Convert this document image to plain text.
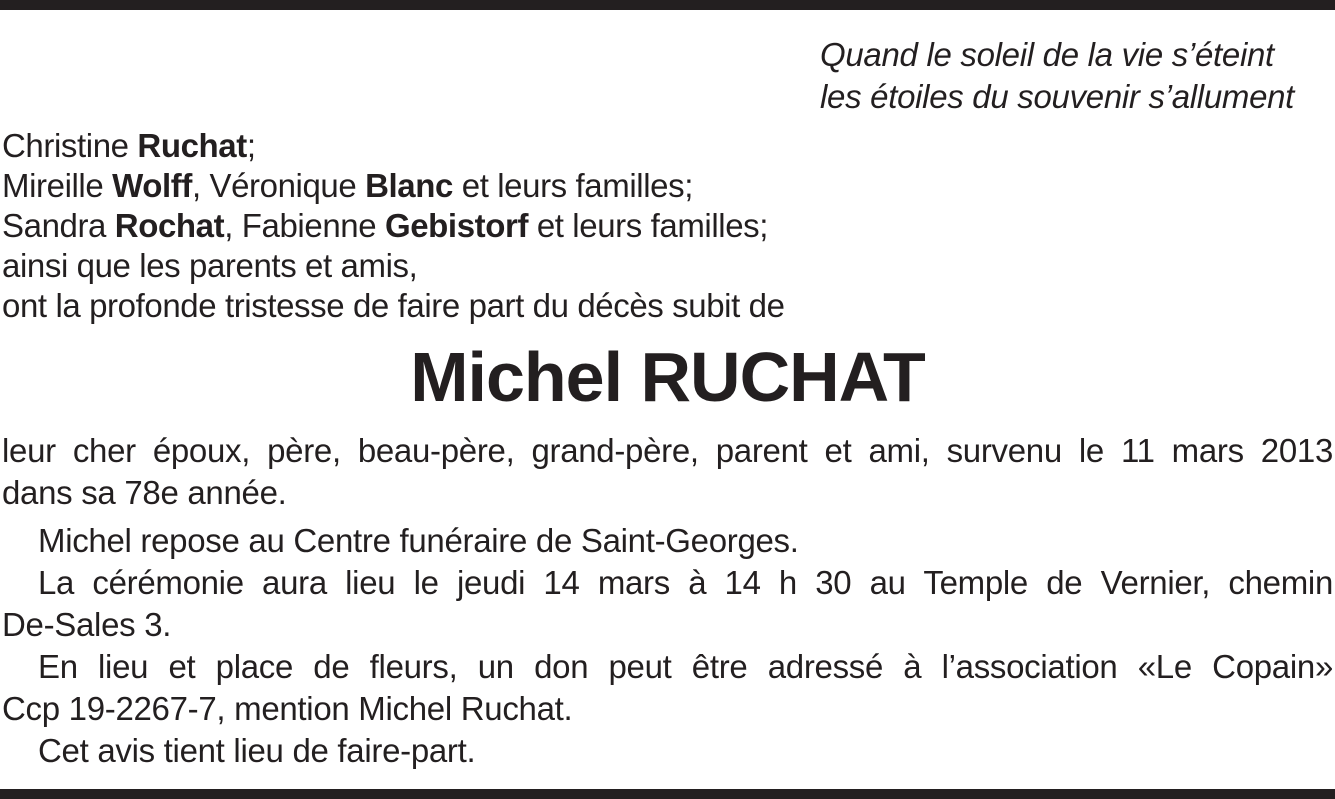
Quand le soleil de la vie s’éteint
les étoiles du souvenir s’allument
Christine Ruchat;
Mireille Wolff, Véronique Blanc et leurs familles;
Sandra Rochat, Fabienne Gebistorf et leurs familles;
ainsi que les parents et amis,
ont la profonde tristesse de faire part du décès subit de
Michel RUCHAT

leur cher époux, père, beau-père, grand-père, parent et ami, survenu le 11 mars 2013
dans sa 78e année.

Michel repose au Centre funéraire de Saint-Georges.

La cérémonie aura lieu le jeudi 14 mars à 14 h 30 au Temple de Vernier, chemin
De-Sales 3.

En lieu et place de fleurs, un don peut être adressé à l’association «Le Copain»
Ccp 19-2267-7, mention Michel Ruchat.

Cet avis tient lieu de faire-part.
